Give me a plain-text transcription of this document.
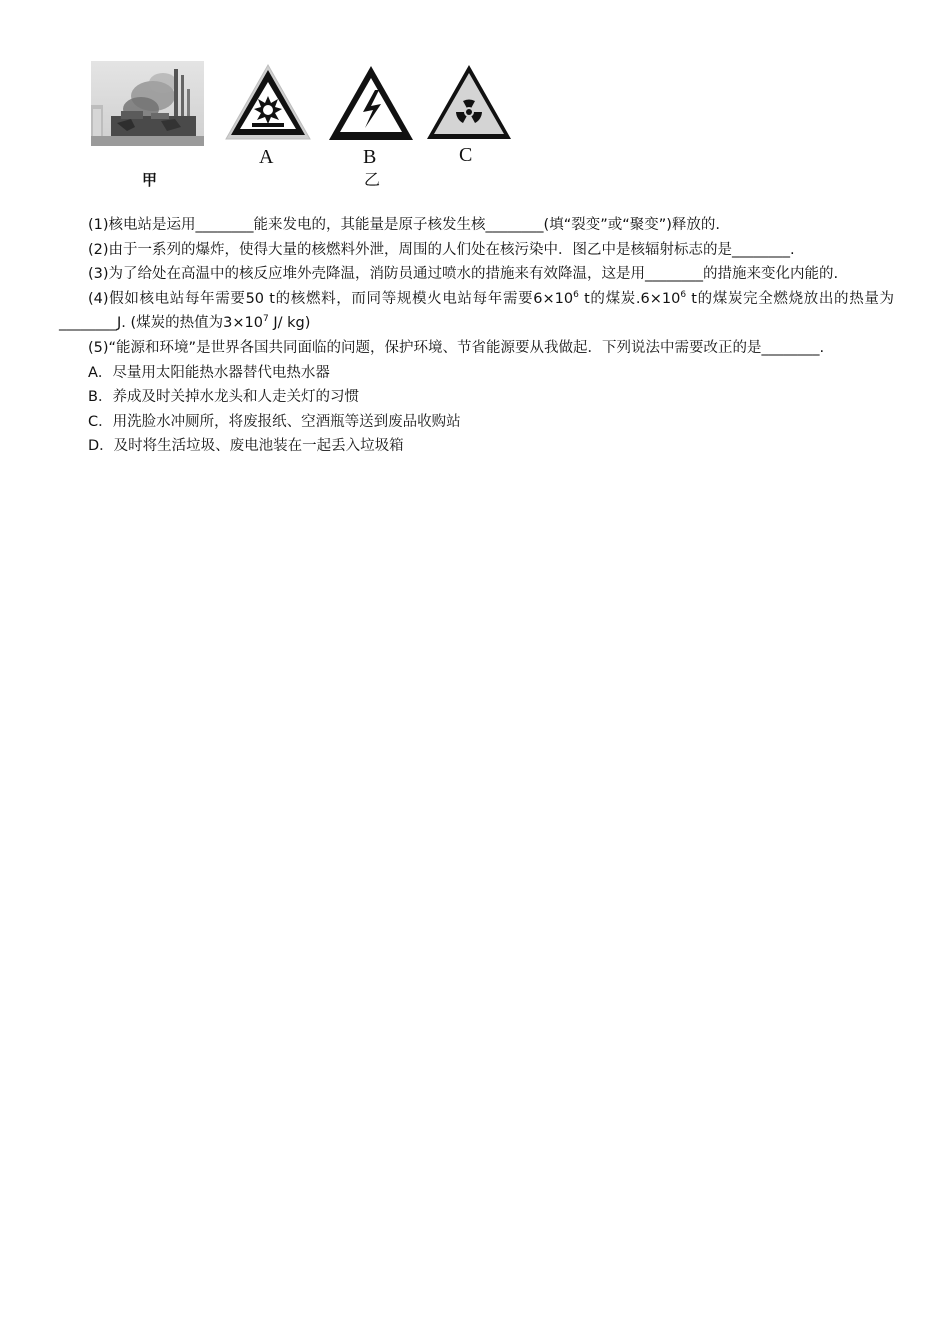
A	B	C
甲	乙

(1)核电站是运用________能来发电的，其能量是原子核发生核________(填“裂变”或“聚变”)释放的.

(2)由于一系列的爆炸，使得大量的核燃料外泄，周围的人们处在核污染中．图乙中是核辐射标志的是________.

(3)为了给处在高温中的核反应堆外壳降温，消防员通过喷水的措施来有效降温，这是用________的措施来变化内能的.

(4)假如核电站每年需要50 t的核燃料，而同等规模火电站每年需要$6\times 10^6$ t的煤炭$.6\times 10^6$ t的煤炭完全燃烧放出的热量为________J. (煤炭的热值为$3\times 10^7$ J/ kg)

(5)“能源和环境”是世界各国共同面临的问题，保护环境、节省能源要从我做起．下列说法中需要改正的是________.

A．尽量用太阳能热水器替代电热水器

B．养成及时关掉水龙头和人走关灯的习惯

C．用洗脸水冲厕所，将废报纸、空酒瓶等送到废品收购站

D．及时将生活垃圾、废电池装在一起丢入垃圾箱
